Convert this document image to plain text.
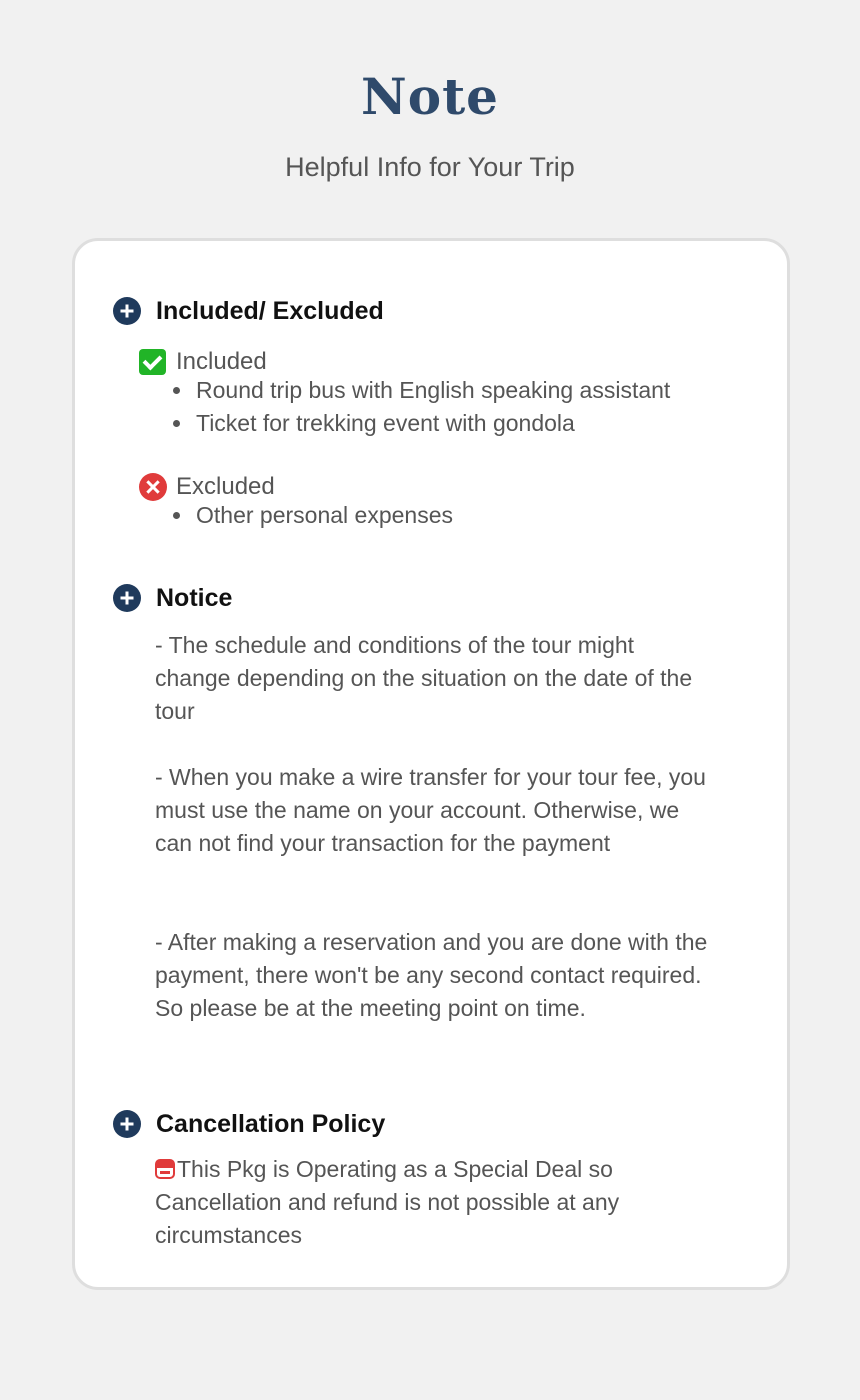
Note
Helpful Info for Your Trip
Included/ Excluded
Included
• Round trip bus with English speaking assistant
• Ticket for trekking event with gondola
Excluded
• Other personal expenses
Notice

- The schedule and conditions of the tour might change depending on the situation on the date of the tour

- When you make a wire transfer for your tour fee, you must use the name on your account. Otherwise, we can not find your transaction for the payment

- After making a reservation and you are done with the payment, there won't be any second contact required. So please be at the meeting point on time.

Cancellation Policy

This Pkg is Operating as a Special Deal so Cancellation and refund is not possible at any circumstances
